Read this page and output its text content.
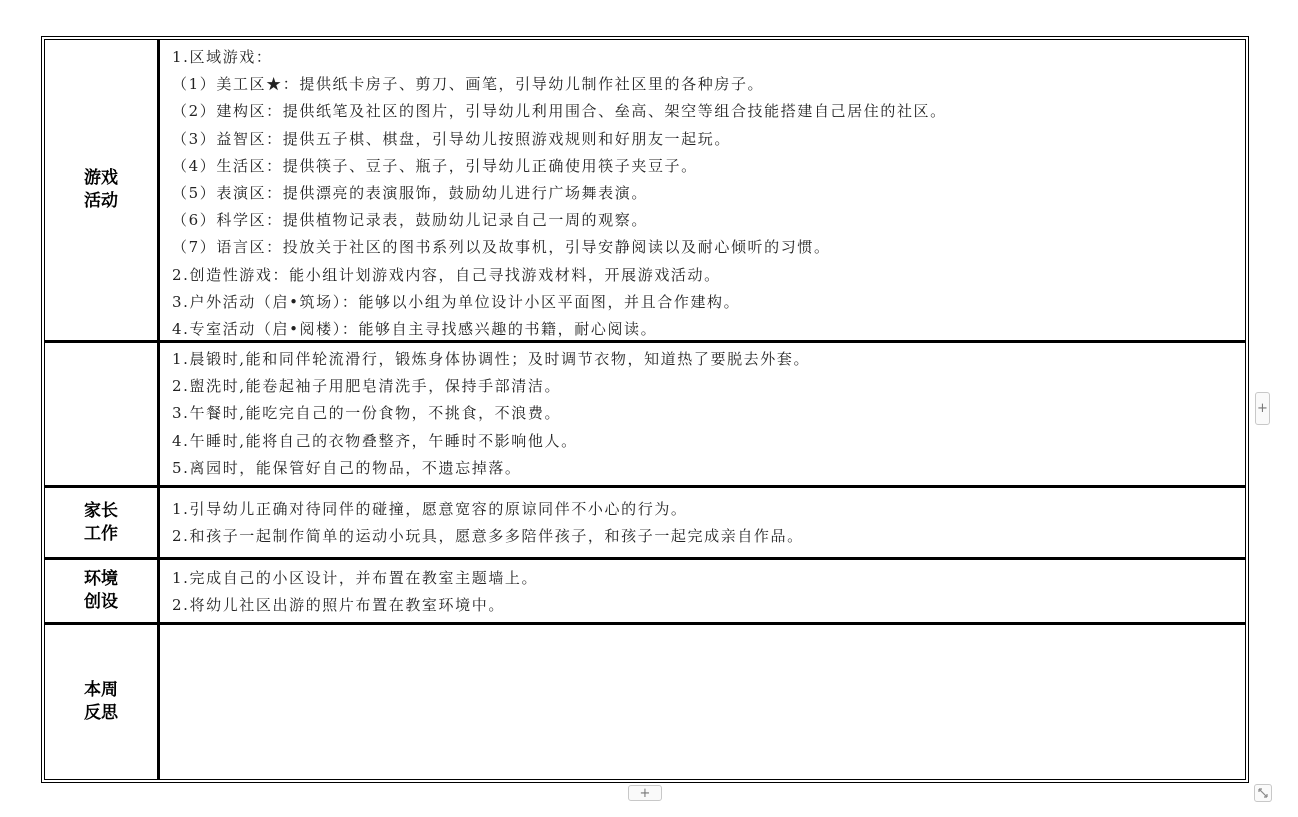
游戏
活动
1.区域游戏：
（1）美工区★：提供纸卡房子、剪刀、画笔，引导幼儿制作社区里的各种房子。
（2）建构区：提供纸笔及社区的图片，引导幼儿利用围合、垒高、架空等组合技能搭建自己居住的社区。
（3）益智区：提供五子棋、棋盘，引导幼儿按照游戏规则和好朋友一起玩。
（4）生活区：提供筷子、豆子、瓶子，引导幼儿正确使用筷子夹豆子。
（5）表演区：提供漂亮的表演服饰，鼓励幼儿进行广场舞表演。
（6）科学区：提供植物记录表，鼓励幼儿记录自己一周的观察。
（7）语言区：投放关于社区的图书系列以及故事机，引导安静阅读以及耐心倾听的习惯。
2.创造性游戏：能小组计划游戏内容，自己寻找游戏材料，开展游戏活动。
3.户外活动（启•筑场）：能够以小组为单位设计小区平面图，并且合作建构。
4.专室活动（启•阅楼）：能够自主寻找感兴趣的书籍，耐心阅读。
1.晨锻时,能和同伴轮流滑行，锻炼身体协调性；及时调节衣物，知道热了要脱去外套。
2.盥洗时,能卷起袖子用肥皂清洗手，保持手部清洁。
3.午餐时,能吃完自己的一份食物，不挑食，不浪费。
4.午睡时,能将自己的衣物叠整齐，午睡时不影响他人。
5.离园时，能保管好自己的物品，不遗忘掉落。
家长
工作
1.引导幼儿正确对待同伴的碰撞，愿意宽容的原谅同伴不小心的行为。
2.和孩子一起制作简单的运动小玩具，愿意多多陪伴孩子，和孩子一起完成亲自作品。
环境
创设
1.完成自己的小区设计，并布置在教室主题墙上。
2.将幼儿社区出游的照片布置在教室环境中。
本周
反思
+
+
